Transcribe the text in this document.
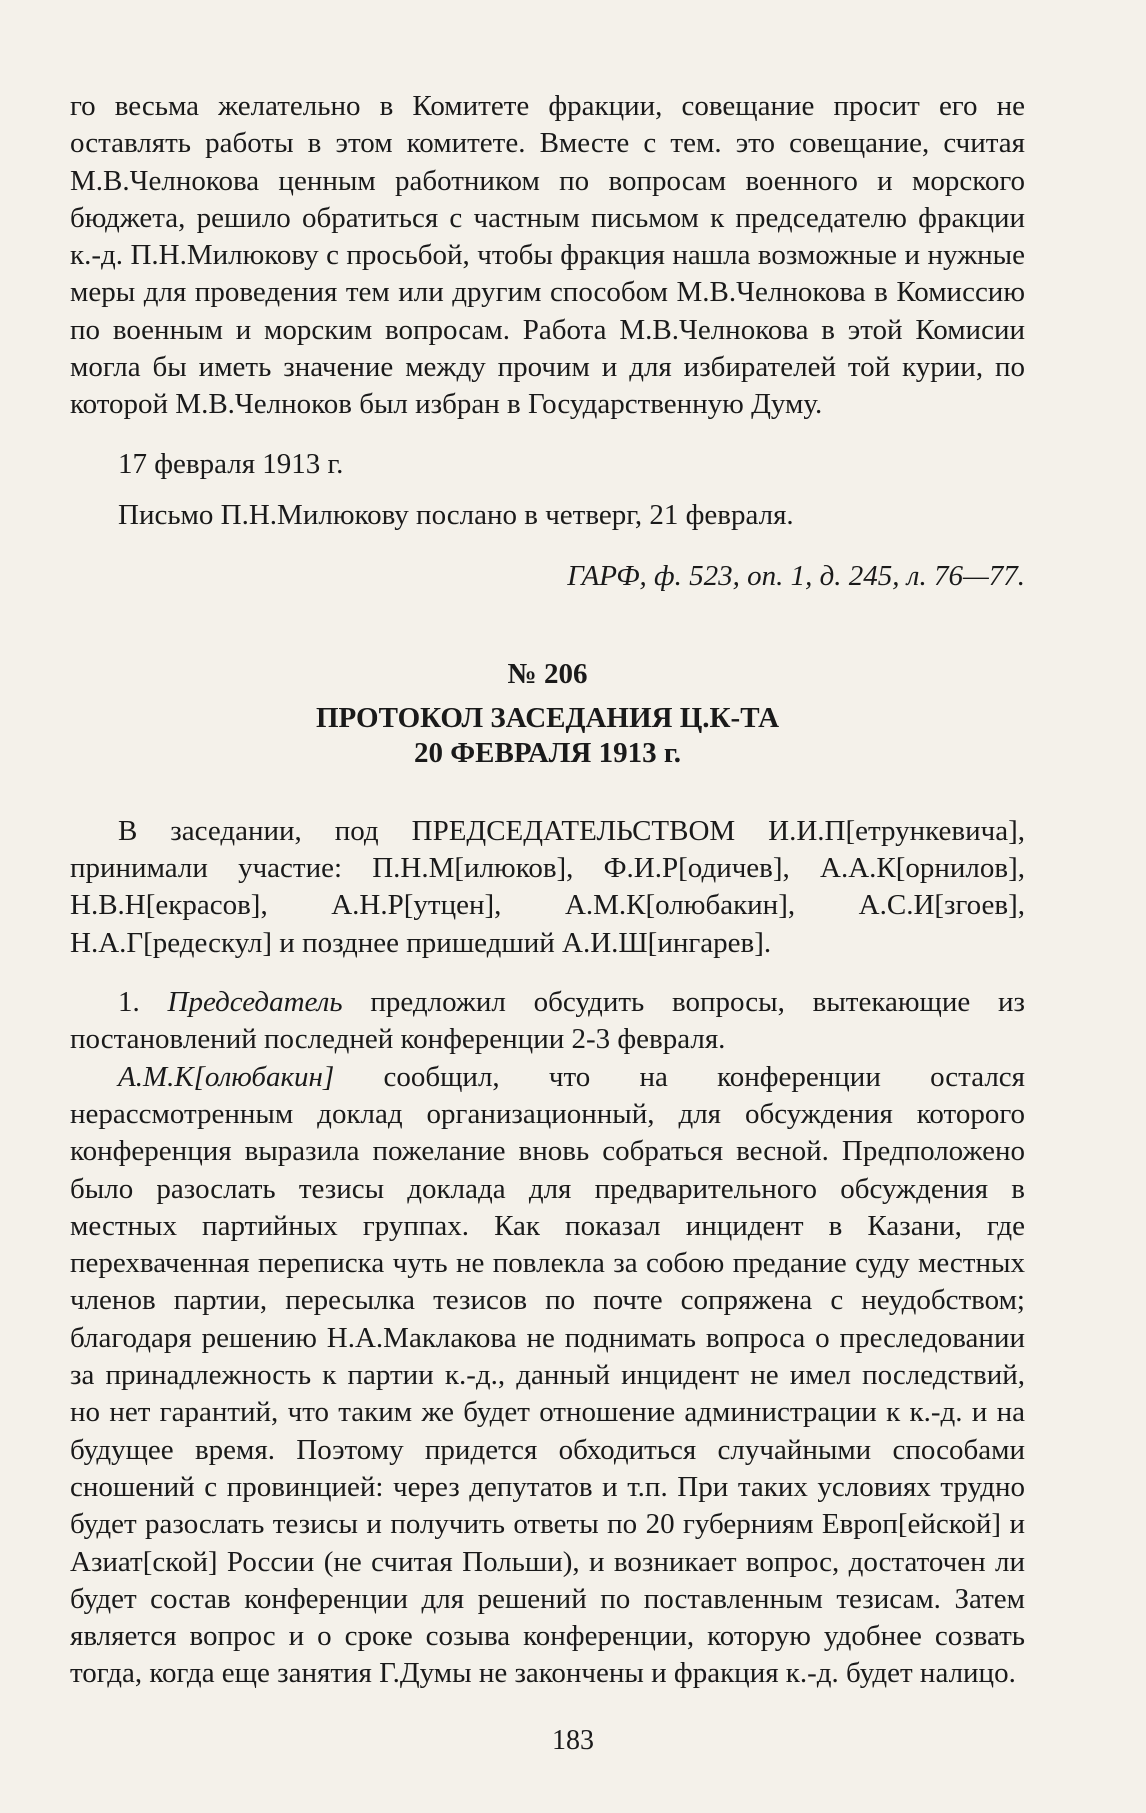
го весьма желательно в Комитете фракции, совещание просит его не оставлять работы в этом комитете. Вместе с тем. это совещание, считая М.В.Челнокова ценным работником по вопросам военного и морского бюджета, решило обратиться с частным письмом к председателю фракции к.-д. П.Н.Милюкову с просьбой, чтобы фракция нашла возможные и нужные меры для проведения тем или другим способом М.В.Челнокова в Комиссию по военным и морским вопросам. Работа М.В.Челнокова в этой Комисии могла бы иметь значение между прочим и для избирателей той курии, по которой М.В.Челноков был избран в Государственную Думу.

17 февраля 1913 г.

Письмо П.Н.Милюкову послано в четверг, 21 февраля.

ГАРФ, ф. 523, оп. 1, д. 245, л. 76—77.

№ 206

ПРОТОКОЛ ЗАСЕДАНИЯ Ц.К-ТА
20 ФЕВРАЛЯ 1913 г.

В заседании, под ПРЕДСЕДАТЕЛЬСТВОМ И.И.П[етрункевича], принимали участие: П.Н.М[илюков], Ф.И.Р[одичев], А.А.К[орнилов], Н.В.Н[екрасов], А.Н.Р[утцен], А.М.К[олюбакин], А.С.И[згоев], Н.А.Г[редескул] и позднее пришедший А.И.Ш[ингарев].

1. Председатель предложил обсудить вопросы, вытекающие из постановлений последней конференции 2-3 февраля.

А.М.К[олюбакин] сообщил, что на конференции остался нерассмотренным доклад организационный, для обсуждения которого конференция выразила пожелание вновь собраться весной. Предположено было разослать тезисы доклада для предварительного обсуждения в местных партийных группах. Как показал инцидент в Казани, где перехваченная переписка чуть не повлекла за собою предание суду местных членов партии, пересылка тезисов по почте сопряжена с неудобством; благодаря решению Н.А.Маклакова не поднимать вопроса о преследовании за принадлежность к партии к.-д., данный инцидент не имел последствий, но нет гарантий, что таким же будет отношение администрации к к.-д. и на будущее время. Поэтому придется обходиться случайными способами сношений с провинцией: через депутатов и т.п. При таких условиях трудно будет разослать тезисы и получить ответы по 20 губерниям Европ[ейской] и Азиат[ской] России (не считая Польши), и возникает вопрос, достаточен ли будет состав конференции для решений по поставленным тезисам. Затем является вопрос и о сроке созыва конференции, которую удобнее созвать тогда, когда еще занятия Г.Думы не закончены и фракция к.-д. будет налицо.

183
